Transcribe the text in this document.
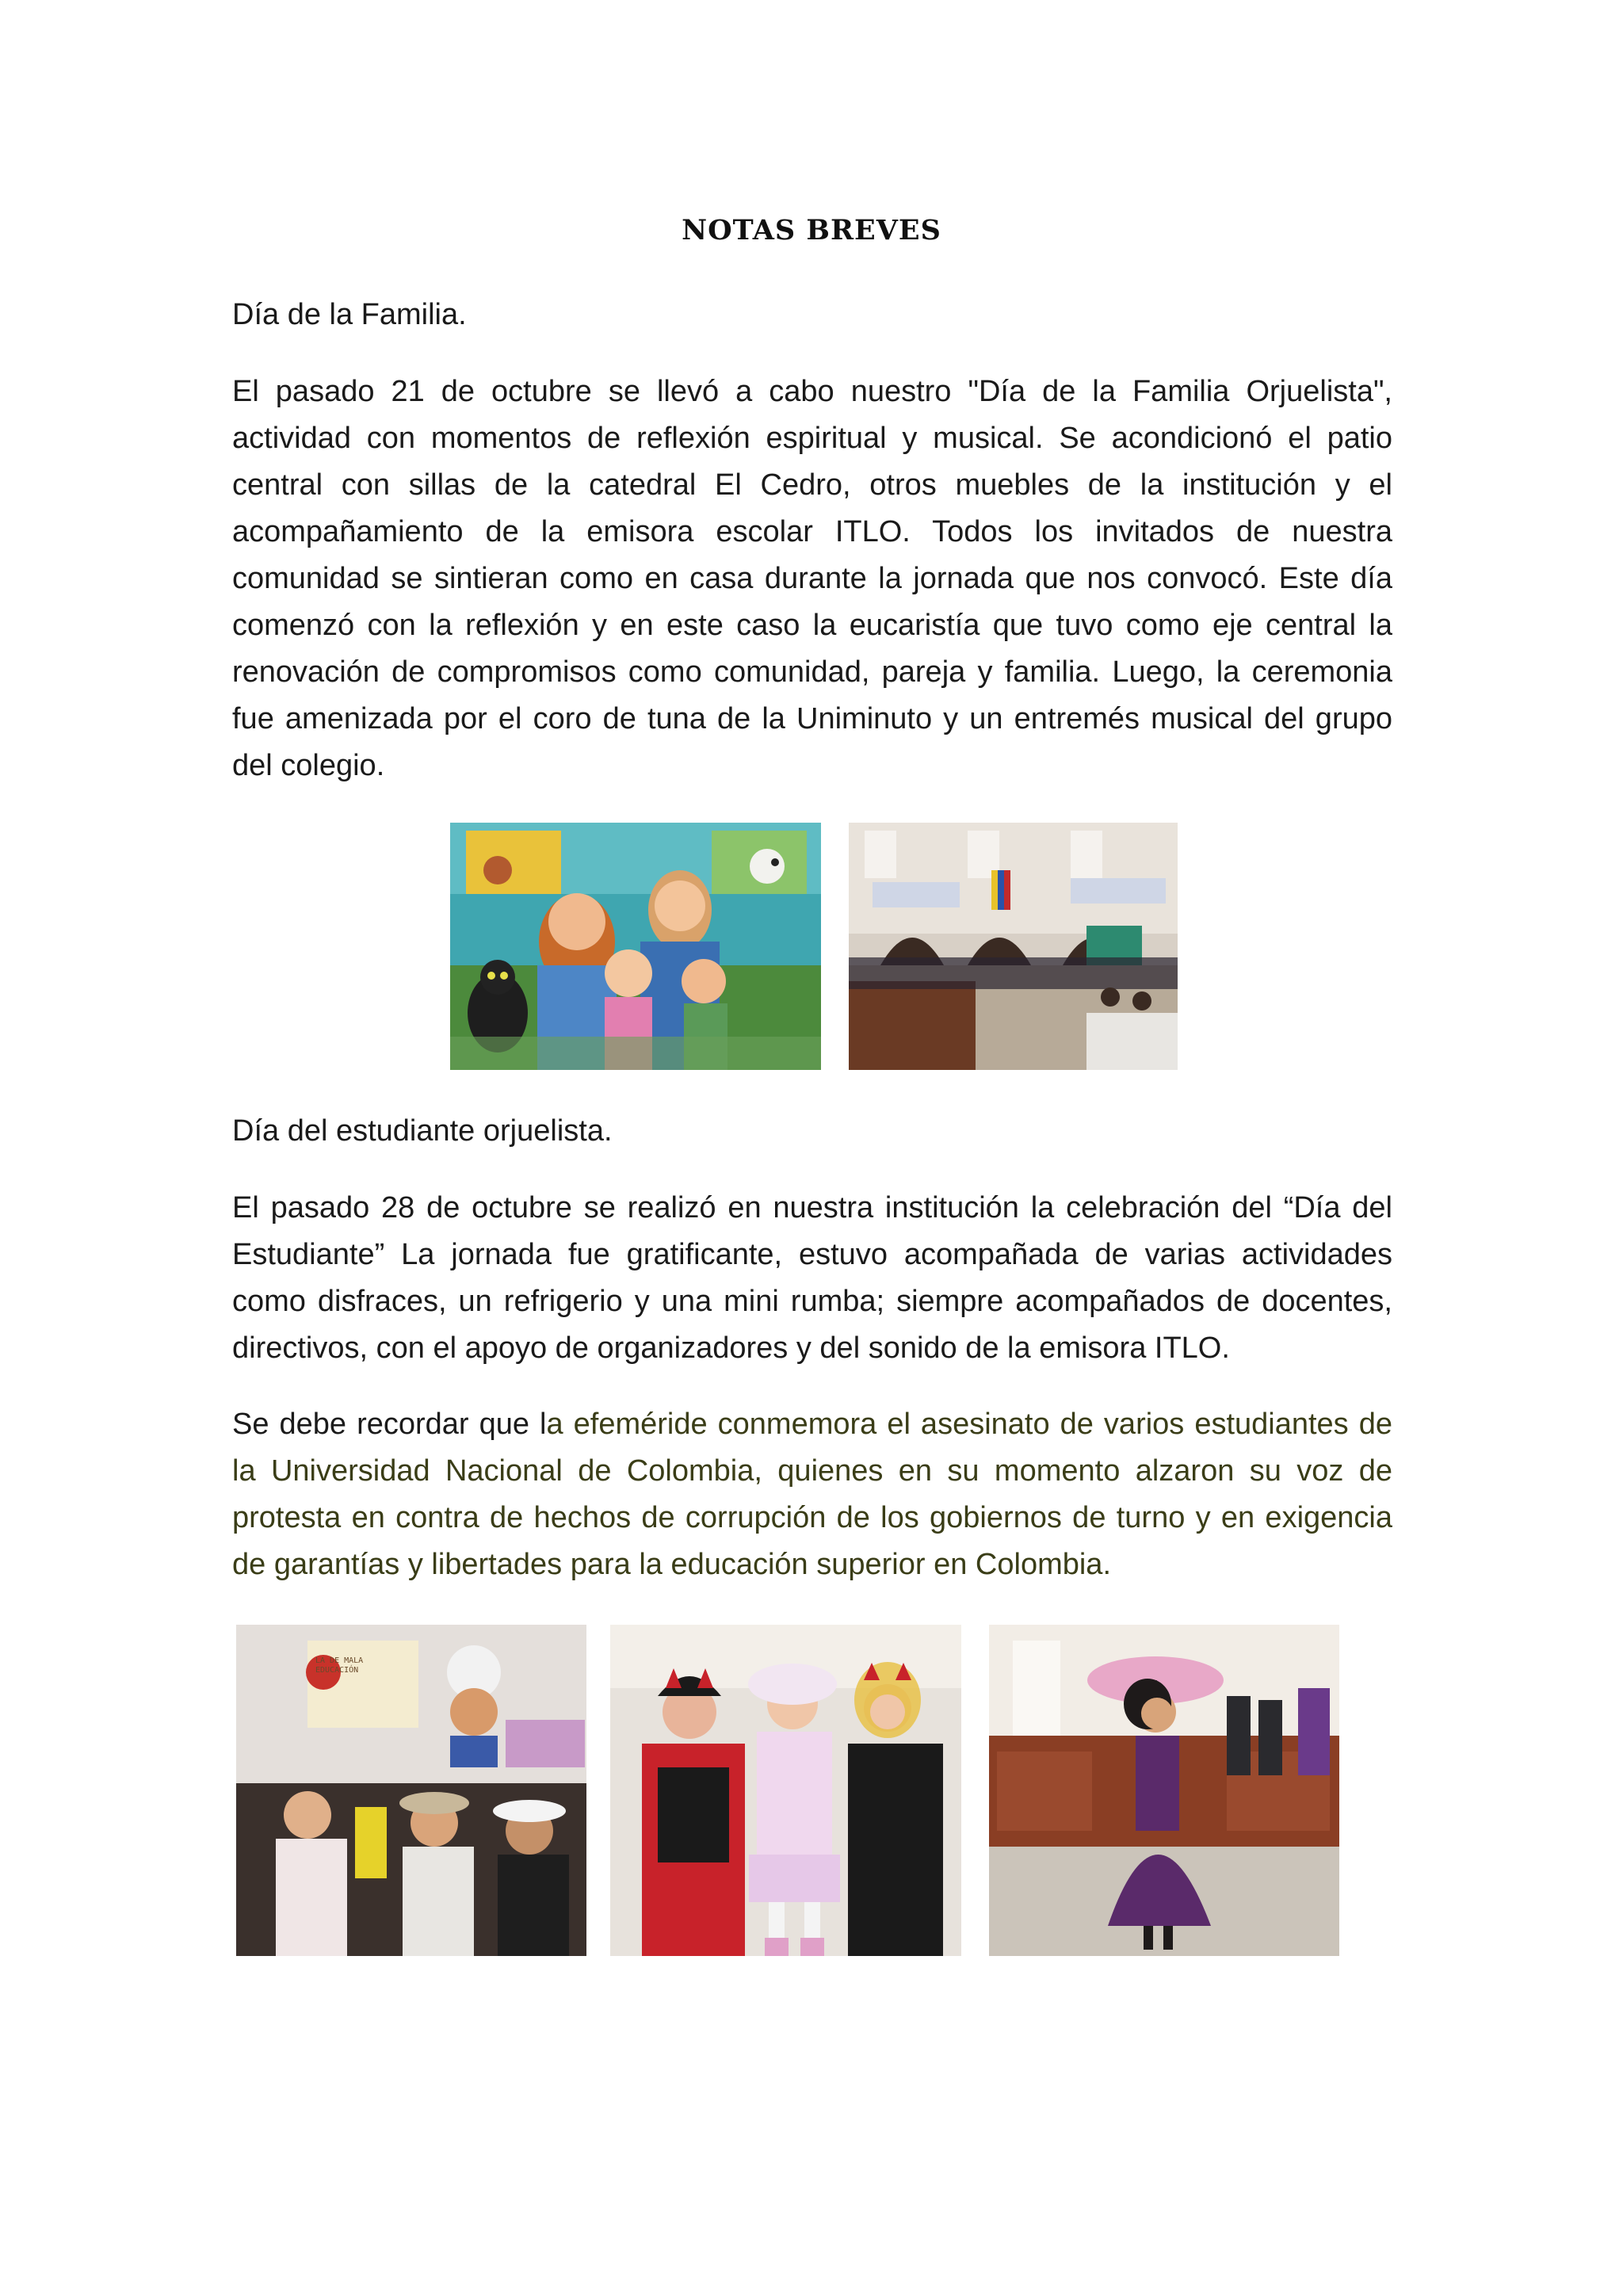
NOTAS BREVES

Día de la Familia.

El pasado 21 de octubre se llevó a cabo nuestro "Día de la Familia Orjuelista", actividad con momentos de reflexión espiritual y musical. Se acondicionó el patio central con sillas de la catedral El Cedro, otros muebles de la institución y el acompañamiento de la emisora escolar ITLO. Todos los invitados de nuestra comunidad se sintieran como en casa durante la jornada que nos convocó. Este día comenzó con la reflexión y en este caso la eucaristía que tuvo como eje central la renovación de compromisos como comunidad, pareja y familia. Luego, la ceremonia fue amenizada por el coro de tuna de la Uniminuto y un entremés musical del grupo del colegio.

Día del estudiante orjuelista.

El pasado 28 de octubre se realizó en nuestra institución la celebración del “Día del Estudiante” La jornada fue gratificante, estuvo acompañada de varias actividades como disfraces, un refrigerio y una mini rumba; siempre acompañados de docentes, directivos, con el apoyo de organizadores y del sonido de la emisora ITLO.

Se debe recordar que la efeméride conmemora el asesinato de varios estudiantes de la Universidad Nacional de Colombia, quienes en su momento alzaron su voz de protesta en contra de hechos de corrupción de los gobiernos de turno y en exigencia de garantías y libertades para la educación superior en Colombia.

LA DE MALA EDUCACIÓN
